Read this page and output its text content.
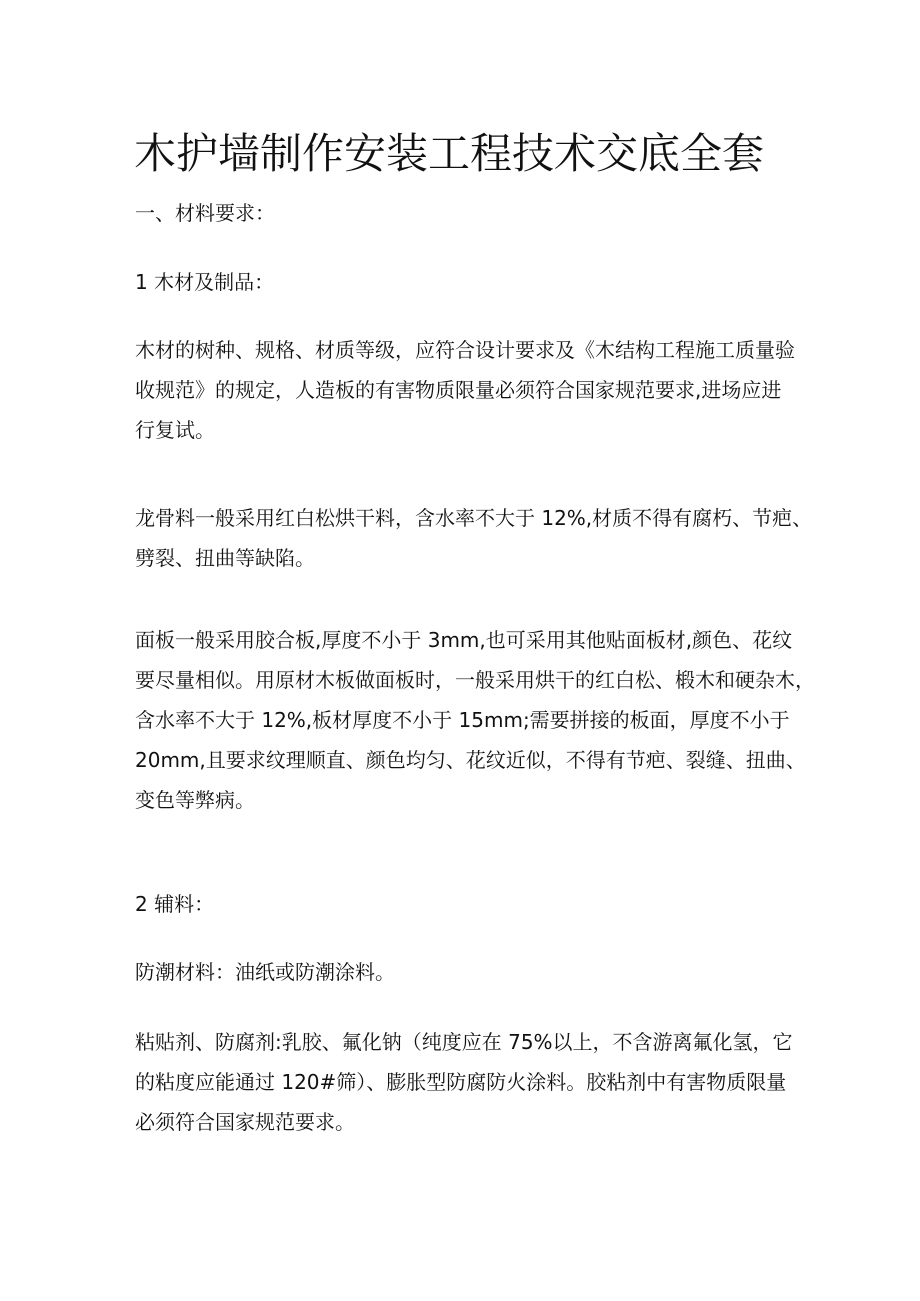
木护墙制作安装工程技术交底全套
一、材料要求：
1 木材及制品：
木材的树种、规格、材质等级，应符合设计要求及《木结构工程施工质量验
收规范》的规定，人造板的有害物质限量必须符合国家规范要求,进场应进
行复试。
龙骨料一般采用红白松烘干料，含水率不大于 12%,材质不得有腐朽、节疤、
劈裂、扭曲等缺陷。
面板一般采用胶合板,厚度不小于 3mm,也可采用其他贴面板材,颜色、花纹
要尽量相似。用原材木板做面板时，一般采用烘干的红白松、椴木和硬杂木，
含水率不大于 12%,板材厚度不小于 15mm;需要拼接的板面，厚度不小于
20mm,且要求纹理顺直、颜色均匀、花纹近似，不得有节疤、裂缝、扭曲、
变色等弊病。
2 辅料：
防潮材料：油纸或防潮涂料。
粘贴剂、防腐剂:乳胶、氟化钠（纯度应在 75%以上，不含游离氟化氢，它
的粘度应能通过 120#筛）、膨胀型防腐防火涂料。胶粘剂中有害物质限量
必须符合国家规范要求。
